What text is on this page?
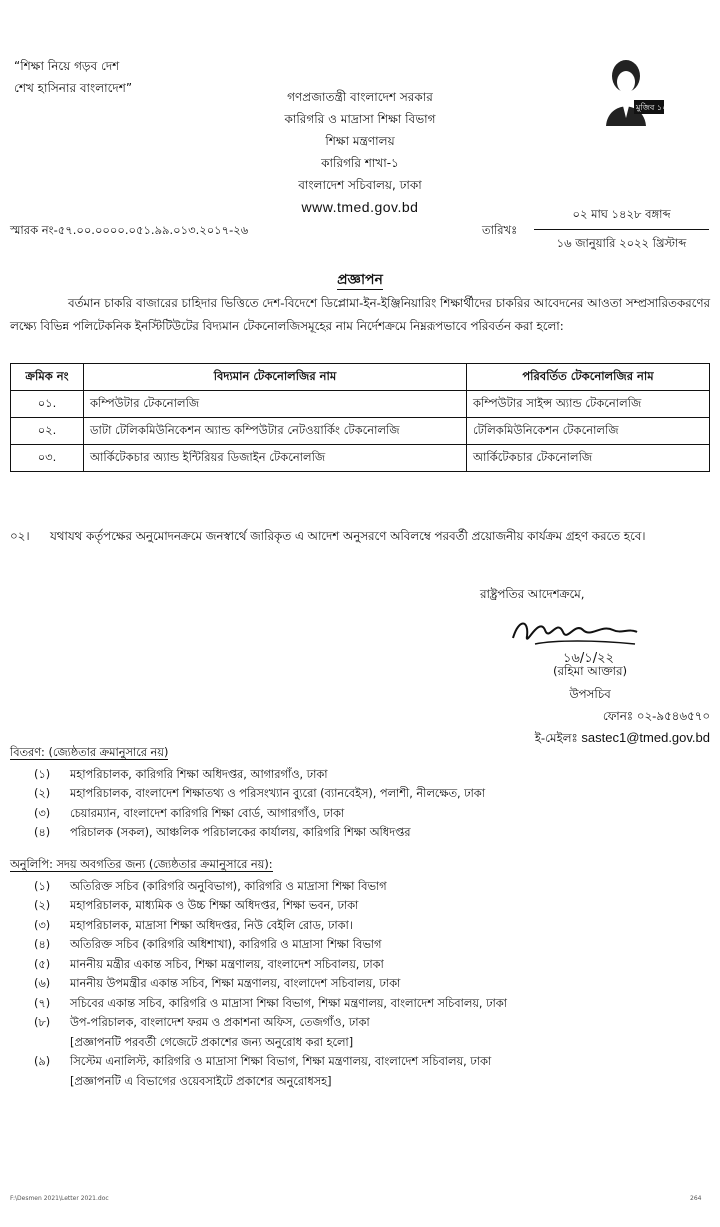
“শিক্ষা নিয়ে গড়ব দেশ
শেখ হাসিনার বাংলাদেশ”
গণপ্রজাতন্ত্রী বাংলাদেশ সরকার
কারিগরি ও মাদ্রাসা শিক্ষা বিভাগ
শিক্ষা মন্ত্রণালয়
কারিগরি শাখা-১
বাংলাদেশ সচিবালয়, ঢাকা
www.tmed.gov.bd
মুজিব ১০০
স্মারক নং-৫৭.০০.০০০০.০৫১.৯৯.০১৩.২০১৭-২৬	তারিখঃ
০২ মাঘ ১৪২৮ বঙ্গাব্দ
১৬ জানুয়ারি ২০২২ খ্রিস্টাব্দ
প্রজ্ঞাপন
বর্তমান চাকরি বাজারের চাহিদার ভিত্তিতে দেশ-বিদেশে ডিপ্লোমা-ইন-ইঞ্জিনিয়ারিং শিক্ষার্থীদের চাকরির আবেদনের আওতা সম্প্রসারিতকরণের লক্ষ্যে বিভিন্ন পলিটেকনিক ইনস্টিটিউটের বিদ্যমান টেকনোলজিসমূহের নাম নির্দেশক্রমে নিম্নরূপভাবে পরিবর্তন করা হলো:
ক্রমিক নং	বিদ্যমান টেকনোলজির নাম	পরিবর্তিত টেকনোলজির নাম
০১.	কম্পিউটার টেকনোলজি	কম্পিউটার সাইন্স অ্যান্ড টেকনোলজি
০২.	ডাটা টেলিকমিউনিকেশন অ্যান্ড কম্পিউটার নেটওয়ার্কিং টেকনোলজি	টেলিকমিউনিকেশন টেকনোলজি
০৩.	আর্কিটেকচার অ্যান্ড ইন্টিরিয়র ডিজাইন টেকনোলজি	আর্কিটেকচার টেকনোলজি
০২। যথাযথ কর্তৃপক্ষের অনুমোদনক্রমে জনস্বার্থে জারিকৃত এ আদেশ অনুসরণে অবিলম্বে পরবর্তী প্রয়োজনীয় কার্যক্রম গ্রহণ করতে হবে।
রাষ্ট্রপতির আদেশক্রমে,
১৬/১/২২
(রহিমা আক্তার)
উপসচিব
ফোনঃ ০২-৯৫৪৬৫৭০
ই-মেইলঃ sastec1@tmed.gov.bd
বিতরণ: (জ্যেষ্ঠতার ক্রমানুসারে নয়)
(১) মহাপরিচালক, কারিগরি শিক্ষা অধিদপ্তর, আগারগাঁও, ঢাকা
(২) মহাপরিচালক, বাংলাদেশ শিক্ষাতথ্য ও পরিসংখ্যান ব্যুরো (ব্যানবেইস), পলাশী, নীলক্ষেত, ঢাকা
(৩) চেয়ারম্যান, বাংলাদেশ কারিগরি শিক্ষা বোর্ড, আগারগাঁও, ঢাকা
(৪) পরিচালক (সকল), আঞ্চলিক পরিচালকের কার্যালয়, কারিগরি শিক্ষা অধিদপ্তর
অনুলিপি: সদয় অবগতির জন্য (জ্যেষ্ঠতার ক্রমানুসারে নয়):
(১) অতিরিক্ত সচিব (কারিগরি অনুবিভাগ), কারিগরি ও মাদ্রাসা শিক্ষা বিভাগ
(২) মহাপরিচালক, মাধ্যমিক ও উচ্চ শিক্ষা অধিদপ্তর, শিক্ষা ভবন, ঢাকা
(৩) মহাপরিচালক, মাদ্রাসা শিক্ষা অধিদপ্তর, নিউ বেইলি রোড, ঢাকা।
(৪) অতিরিক্ত সচিব (কারিগরি অধিশাখা), কারিগরি ও মাদ্রাসা শিক্ষা বিভাগ
(৫) মাননীয় মন্ত্রীর একান্ত সচিব, শিক্ষা মন্ত্রণালয়, বাংলাদেশ সচিবালয়, ঢাকা
(৬) মাননীয় উপমন্ত্রীর একান্ত সচিব, শিক্ষা মন্ত্রণালয়, বাংলাদেশ সচিবালয়, ঢাকা
(৭) সচিবের একান্ত সচিব, কারিগরি ও মাদ্রাসা শিক্ষা বিভাগ, শিক্ষা মন্ত্রণালয়, বাংলাদেশ সচিবালয়, ঢাকা
(৮) উপ-পরিচালক, বাংলাদেশ ফরম ও প্রকাশনা অফিস, তেজগাঁও, ঢাকা
[প্রজ্ঞাপনটি পরবর্তী গেজেটে প্রকাশের জন্য অনুরোধ করা হলো]
(৯) সিস্টেম এনালিস্ট, কারিগরি ও মাদ্রাসা শিক্ষা বিভাগ, শিক্ষা মন্ত্রণালয়, বাংলাদেশ সচিবালয়, ঢাকা
[প্রজ্ঞাপনটি এ বিভাগের ওয়েবসাইটে প্রকাশের অনুরোধসহ]
F:\Desmen 2021\Letter 2021.doc	264
